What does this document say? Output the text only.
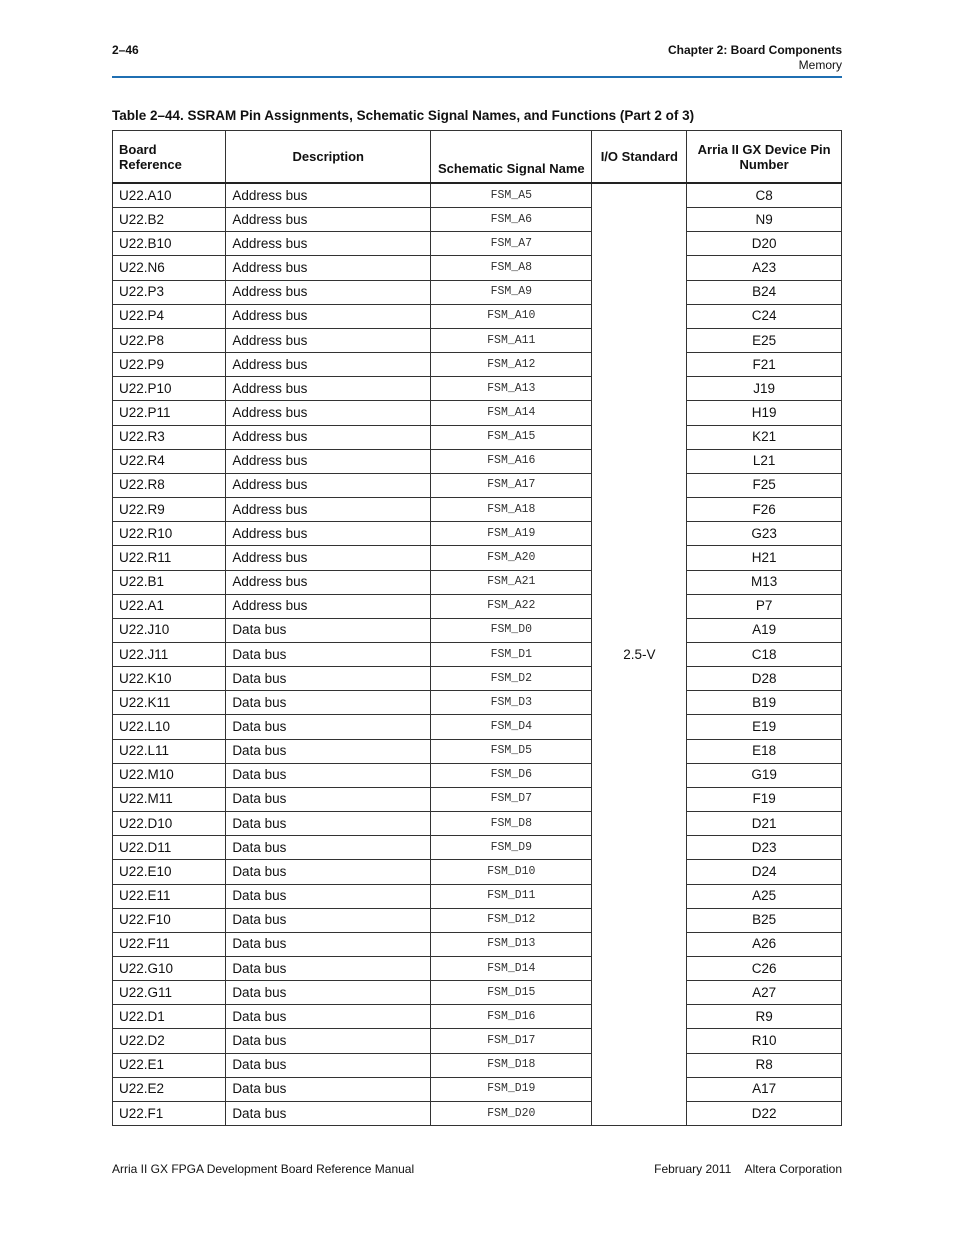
2–46	Chapter 2: Board Components
Memory
Table 2–44. SSRAM Pin Assignments, Schematic Signal Names, and Functions (Part 2 of 3)
Board Reference	Description	Schematic Signal Name	I/O Standard	Arria II GX Device Pin Number
U22.A10	Address bus	FSM_A5	2.5-V	C8
U22.B2	Address bus	FSM_A6		N9
U22.B10	Address bus	FSM_A7		D20
U22.N6	Address bus	FSM_A8		A23
U22.P3	Address bus	FSM_A9		B24
U22.P4	Address bus	FSM_A10		C24
U22.P8	Address bus	FSM_A11		E25
U22.P9	Address bus	FSM_A12		F21
U22.P10	Address bus	FSM_A13		J19
U22.P11	Address bus	FSM_A14		H19
U22.R3	Address bus	FSM_A15		K21
U22.R4	Address bus	FSM_A16		L21
U22.R8	Address bus	FSM_A17		F25
U22.R9	Address bus	FSM_A18		F26
U22.R10	Address bus	FSM_A19		G23
U22.R11	Address bus	FSM_A20		H21
U22.B1	Address bus	FSM_A21		M13
U22.A1	Address bus	FSM_A22		P7
U22.J10	Data bus	FSM_D0		A19
U22.J11	Data bus	FSM_D1		C18
U22.K10	Data bus	FSM_D2		D28
U22.K11	Data bus	FSM_D3		B19
U22.L10	Data bus	FSM_D4		E19
U22.L11	Data bus	FSM_D5		E18
U22.M10	Data bus	FSM_D6		G19
U22.M11	Data bus	FSM_D7		F19
U22.D10	Data bus	FSM_D8		D21
U22.D11	Data bus	FSM_D9		D23
U22.E10	Data bus	FSM_D10		D24
U22.E11	Data bus	FSM_D11		A25
U22.F10	Data bus	FSM_D12		B25
U22.F11	Data bus	FSM_D13		A26
U22.G10	Data bus	FSM_D14		C26
U22.G11	Data bus	FSM_D15		A27
U22.D1	Data bus	FSM_D16		R9
U22.D2	Data bus	FSM_D17		R10
U22.E1	Data bus	FSM_D18		R8
U22.E2	Data bus	FSM_D19		A17
U22.F1	Data bus	FSM_D20		D22
Arria II GX FPGA Development Board Reference Manual	February 2011 Altera Corporation
